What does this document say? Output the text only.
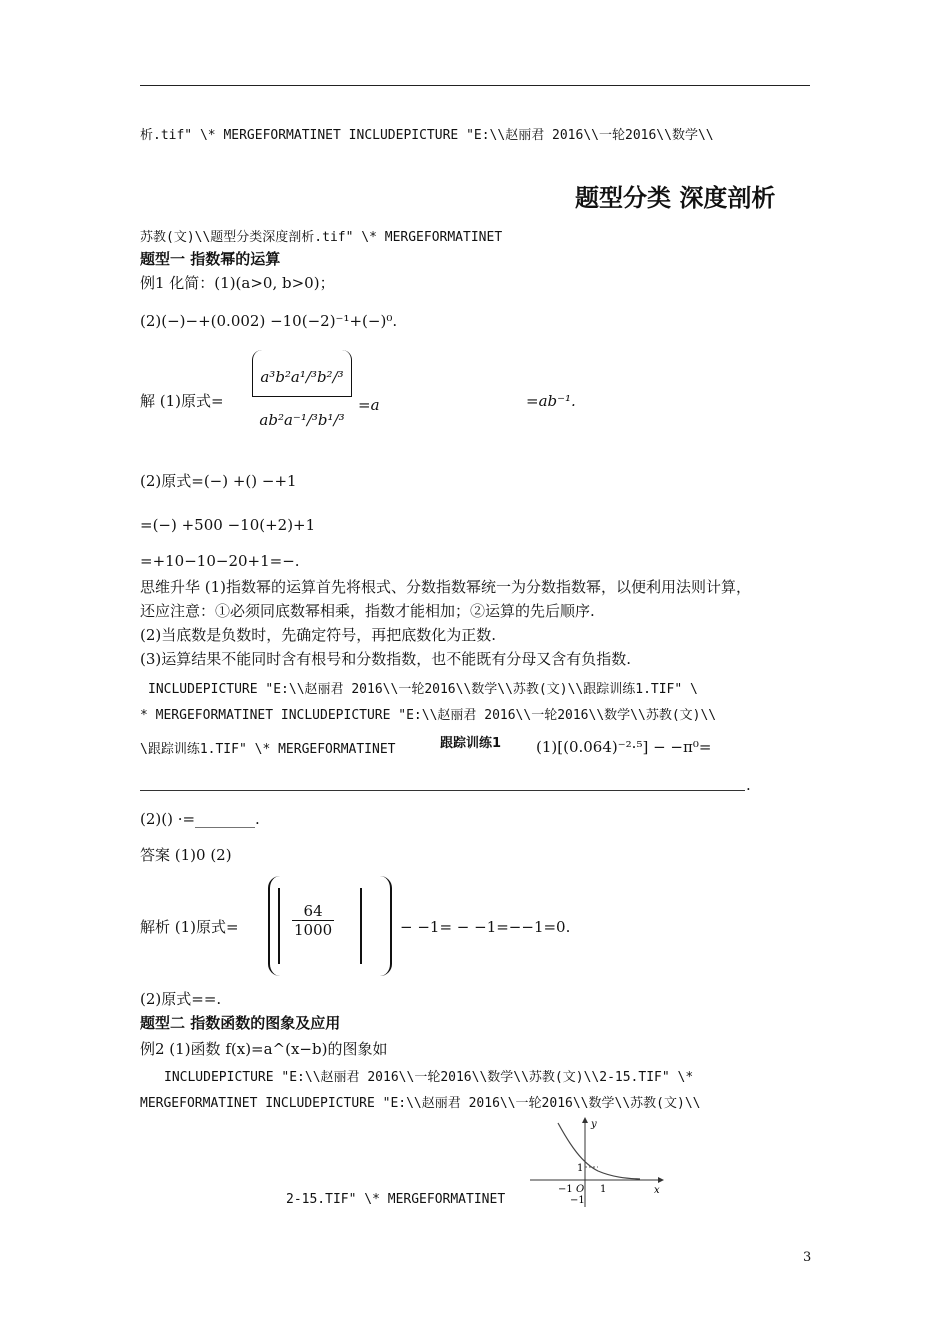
析.tif" \* MERGEFORMATINET INCLUDEPICTURE "E:\\赵丽君 2016\\一轮2016\\数学\\
题型分类 深度剖析
苏教(文)\\题型分类深度剖析.tif" \* MERGEFORMATINET
题型一 指数幂的运算
例1 化简：(1)(a>0, b>0)；
(2)(−)−+(0.002) −10(−2)⁻¹+(−)⁰.
解 (1)原式= $\frac{\text{a³b²a¹/³b²/³}}{\text{ab²a⁻¹/³b¹/³}} =a$	=ab⁻¹.
(2)原式=(−) +() −+1
=(−) +500 −10(+2)+1
=+10−10−20+1=−.
思维升华 (1)指数幂的运算首先将根式、分数指数幂统一为分数指数幂，以便利用法则计算，
还应注意：①必须同底数幂相乘，指数才能相加；②运算的先后顺序.
(2)当底数是负数时，先确定符号，再把底数化为正数.
(3)运算结果不能同时含有根号和分数指数，也不能既有分母又含有负指数.
INCLUDEPICTURE "E:\\赵丽君 2016\\一轮2016\\数学\\苏教(文)\\跟踪训练1.TIF" \
* MERGEFORMATINET INCLUDEPICTURE "E:\\赵丽君 2016\\一轮2016\\数学\\苏教(文)\\
\跟踪训练1.TIF" \* MERGEFORMATINET	跟踪训练1 (1)[(0.064)⁻²·⁵] − −π⁰=
.
(2)() ·=________.
答案 (1)0 (2)
解析 (1)原式=	$\frac{64}{1000}$	− −1= − −1=−−1=0.
(2)原式==.
题型二 指数函数的图象及应用
例2 (1)函数 f(x)=a^(x−b)的图象如
INCLUDEPICTURE "E:\\赵丽君 2016\\一轮2016\\数学\\苏教(文)\\2-15.TIF" \*
MERGEFORMATINET INCLUDEPICTURE "E:\\赵丽君 2016\\一轮2016\\数学\\苏教(文)\\
2-15.TIF" \* MERGEFORMATINET
y
x
O 1
−1
1
−1
3
